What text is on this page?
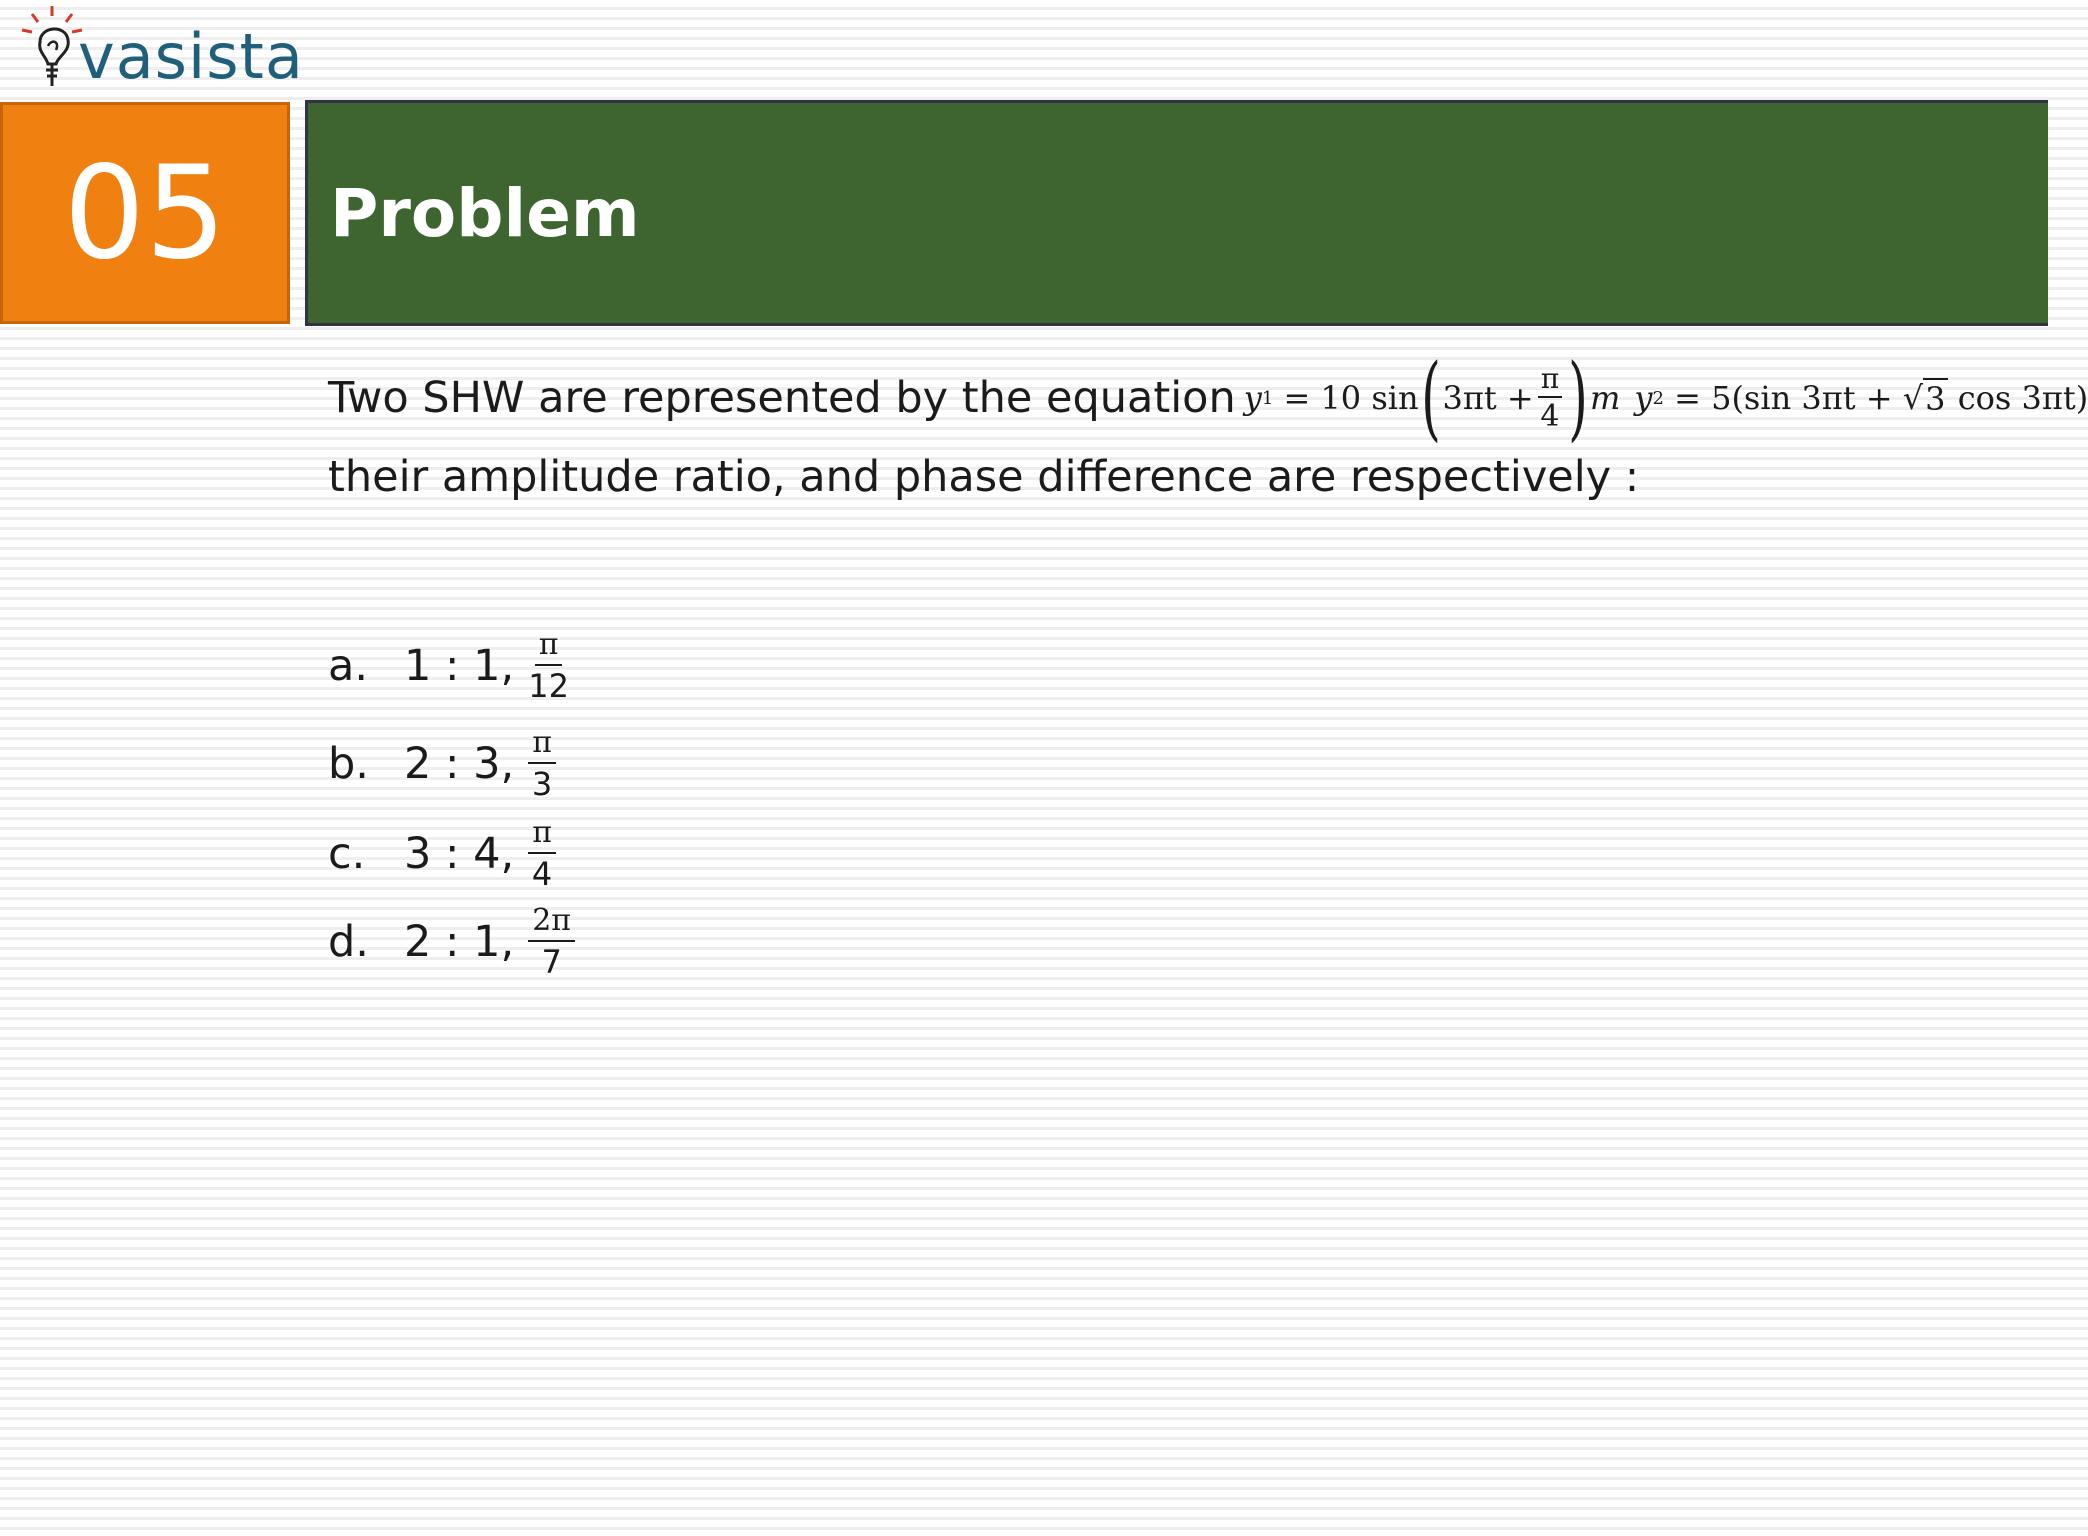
vasista
05 Problem
Two SHW are represented by the equation y 1
= 10 sin ( $3\pi t + \frac{\pi}{4}$ ) m y 2
= 5(sin 3πt + √ 3
cos 3πt)
their amplitude ratio, and phase difference are respectively :
a. 1 : 1, π
12
b. 2 : 3, π
3
c. 3 : 4, π
4
d. 2 : 1, 2π
7
